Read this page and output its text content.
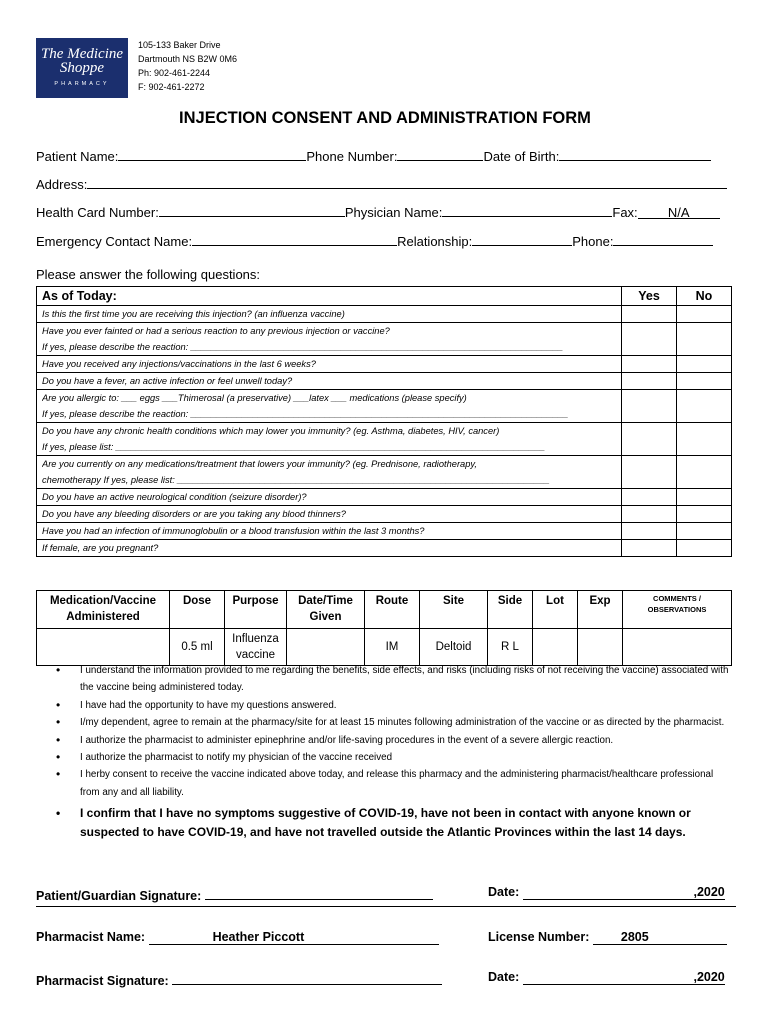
The Medicine
Shoppe
PHARMACY
105-133 Baker Drive
Dartmouth NS B2W 0M6
Ph: 902-461-2244
F: 902-461-2272
INJECTION CONSENT AND ADMINISTRATION FORM
Patient Name:	Phone Number:	Date of Birth:
Address:
Health Card Number:	Physician Name:	Fax: N/A
Emergency Contact Name:	Relationship:	Phone:
Please answer the following questions:
As of Today:	Yes	No

Is this the first time you are receiving this injection? (an influenza vaccine)		

Have you ever fainted or had a serious reaction to any previous injection or vaccine?
If yes, please describe the reaction: ________________________________________________________________________		

Have you received any injections/vaccinations in the last 6 weeks?		

Do you have a fever, an active infection or feel unwell today?		

Are you allergic to: ___ eggs ___Thimerosal (a preservative) ___latex ___ medications (please specify)
If yes, please describe the reaction: _________________________________________________________________________		

Do you have any chronic health conditions which may lower you immunity? (eg. Asthma, diabetes, HIV, cancer)
If yes, please list: ___________________________________________________________________________________		

Are you currently on any medications/treatment that lowers your immunity? (eg. Prednisone, radiotherapy,
chemotherapy If yes, please list: ________________________________________________________________________		

Do you have an active neurological condition (seizure disorder)?		

Do you have any bleeding disorders or are you taking any blood thinners?		

Have you had an infection of immunoglobulin or a blood transfusion within the last 3 months?		

If female, are you pregnant?		

Medication/Vaccine Administered	Dose	Purpose	Date/Time Given	Route	Site	Side	Lot	Exp	COMMENTS / OBSERVATIONS
	0.5 ml	Influenza vaccine		IM	Deltoid	R L			
• I understand the information provided to me regarding the benefits, side effects, and risks (including risks of not receiving the vaccine) associated with the vaccine being administered today.
• I have had the opportunity to have my questions answered.
• I/my dependent, agree to remain at the pharmacy/site for at least 15 minutes following administration of the vaccine or as directed by the pharmacist.
• I authorize the pharmacist to administer epinephrine and/or life-saving procedures in the event of a severe allergic reaction.
• I authorize the pharmacist to notify my physician of the vaccine received
• I herby consent to receive the vaccine indicated above today, and release this pharmacy and the administering pharmacist/healthcare professional from any and all liability.
• I confirm that I have no symptoms suggestive of COVID-19, have not been in contact with anyone known or suspected to have COVID-19, and have not travelled outside the Atlantic Provinces within the last 14 days.
Patient/Guardian Signature:	Date:	,2020
Pharmacist Name:	Heather Piccott	License Number:	2805
Pharmacist Signature:	Date:	,2020
